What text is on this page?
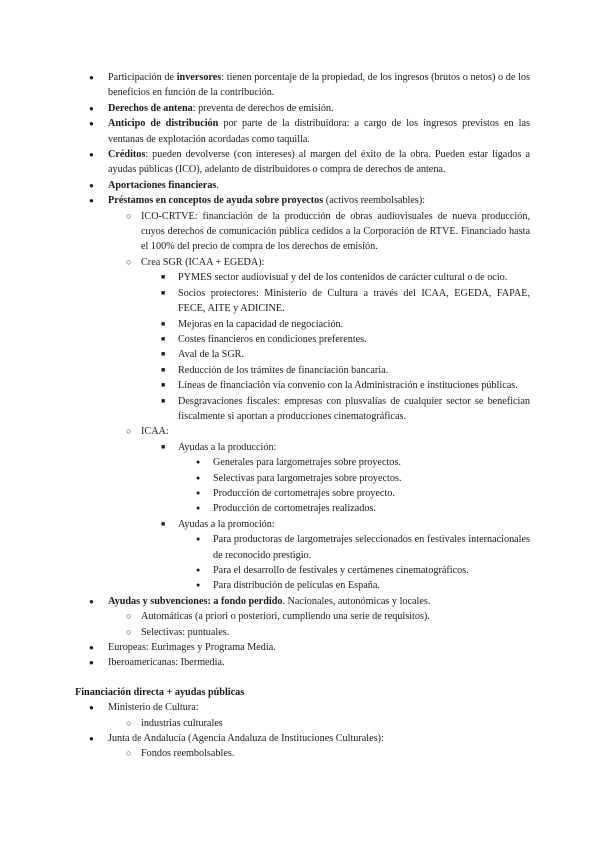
● Participación de inversores: tienen porcentaje de la propiedad, de los ingresos (brutos o netos) o de los beneficios en función de la contribución.
● Derechos de antena: preventa de derechos de emisión.
● Anticipo de distribución por parte de la distribuidora: a cargo de los ingresos previstos en las ventanas de explotación acordadas como taquilla.
● Créditos: pueden devolverse (con intereses) al margen del éxito de la obra. Pueden estar ligados a ayudas públicas (ICO), adelanto de distribuidores o compra de derechos de antena.
● Aportaciones financieras.
● Préstamos en conceptos de ayuda sobre proyectos (activos reembolsables):
○ ICO-CRTVE: financiación de la producción de obras audiovisuales de nueva producción, cuyos derechos de comunicación pública cedidos a la Corporación de RTVE. Financiado hasta el 100% del precio de compra de los derechos de emisión.
○ Crea SGR (ICAA + EGEDA):
■ PYMES sector audiovisual y del de los contenidos de carácter cultural o de ocio.
■ Socios protectores: Ministerio de Cultura a través del ICAA, EGEDA, FAPAE, FECE, AITE y ADICINE.
■ Mejoras en la capacidad de negociación.
■ Costes financieros en condiciones preferentes.
■ Aval de la SGR.
■ Reducción de los trámites de financiación bancaria.
■ Líneas de financiación vía convenio con la Administración e instituciones públicas.
■ Desgravaciones fiscales: empresas con plusvalías de cualquier sector se benefician fiscalmente si aportan a producciones cinematográficas.
○ ICAA:
■ Ayudas a la producción:
● Generales para largometrajes sobre proyectos.
● Selectivas para largometrajes sobre proyectos.
● Producción de cortometrajes sobre proyecto.
● Producción de cortometrajes realizados.
■ Ayudas a la promoción:
● Para productoras de largometrajes seleccionados en festivales internacionales de reconocido prestigio.
● Para el desarrollo de festivales y certámenes cinematográficos.
● Para distribución de películas en España.
● Ayudas y subvenciones: a fondo perdido. Nacionales, autonómicas y locales.
○ Automáticas (a priori o posteriori, cumpliendo una serie de requisitos).
○ Selectivas: puntuales.
● Europeas: Eurimages y Programa Media.
● Iberoamericanas: Ibermedia.
Financiación directa + ayudas públicas
● Ministerio de Cultura:
○ industrias culturales
● Junta de Andalucía (Agencia Andaluza de Instituciones Culturales):
○ Fondos reembolsables.
